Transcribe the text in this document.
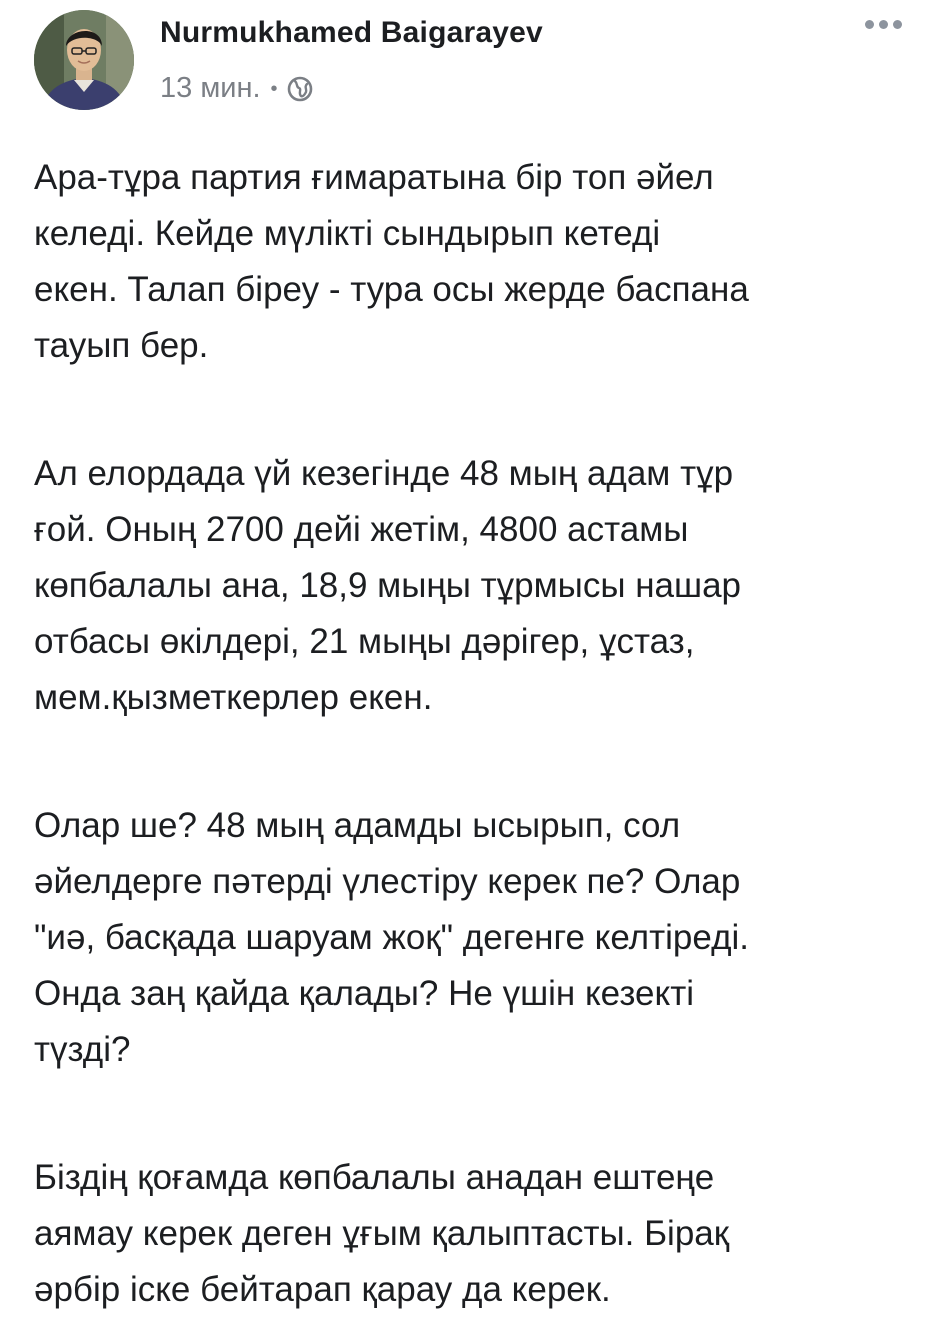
Nurmukhamed Baigarayev
13 мин. •

Ара-тұра партия ғимаратына бір топ әйел
келеді. Кейде мүлікті сындырып кетеді
екен. Талап біреу - тура осы жерде баспана
тауып бер.

Ал елордада үй кезегінде 48 мың адам тұр
ғой. Оның 2700 дейі жетім, 4800 астамы
көпбалалы ана, 18,9 мыңы тұрмысы нашар
отбасы өкілдері, 21 мыңы дәрігер, ұстаз,
мем.қызметкерлер екен.

Олар ше? 48 мың адамды ысырып, сол
әйелдерге пәтерді үлестіру керек пе? Олар
"иә, басқада шаруам жоқ" дегенге келтіреді.
Онда заң қайда қалады? Не үшін кезекті
түзді?

Біздің қоғамда көпбалалы анадан ештеңе
аямау керек деген ұғым қалыптасты. Бірақ
әрбір іске бейтарап қарау да керек.
